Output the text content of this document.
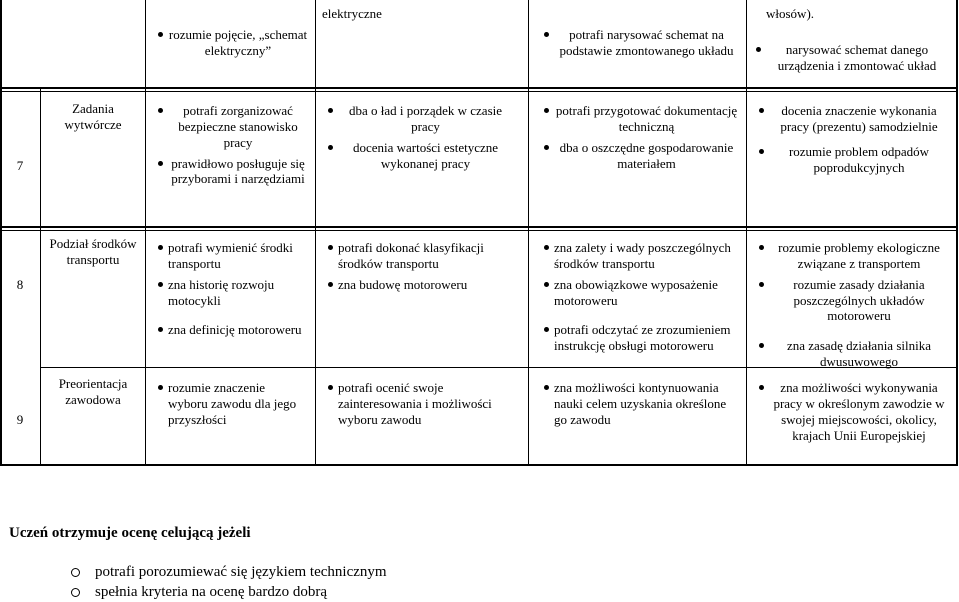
rozumie pojęcie, „schemat elektryczny”
elektryczne
potrafi narysować schemat na podstawie zmontowanego układu
włosów).
narysować schemat danego urządzenia i zmontować układ
7
Zadania wytwórcze
potrafi zorganizować bezpieczne stanowisko pracy
prawidłowo posługuje się przyborami i narzędziami
dba o ład i porządek w czasie pracy
docenia wartości estetyczne wykonanej pracy
potrafi przygotować dokumentację techniczną
dba o oszczędne gospodarowanie materiałem
docenia znaczenie wykonania pracy (prezentu) samodzielnie
rozumie problem odpadów poprodukcyjnych
8
Podział środków transportu
potrafi wymienić środki transportu
zna historię rozwoju motocykli
zna definicję motoroweru
potrafi dokonać klasyfikacji środków transportu
zna budowę motoroweru
zna zalety i wady poszczególnych środków transportu
zna obowiązkowe wyposażenie motoroweru
potrafi odczytać ze zrozumieniem instrukcję obsługi motoroweru
rozumie problemy ekologiczne związane z transportem
rozumie zasady działania poszczególnych układów motoroweru
zna zasadę działania silnika dwusuwowego
9
Preorientacja zawodowa
rozumie znaczenie wyboru zawodu dla jego przyszłości
potrafi ocenić swoje zainteresowania i możliwości wyboru zawodu
zna możliwości kontynuowania nauki celem uzyskania określone go zawodu
zna możliwości wykonywania pracy w określonym zawodzie w swojej miejscowości, okolicy, krajach Unii Europejskiej
Uczeń otrzymuje ocenę celującą jeżeli
potrafi porozumiewać się językiem technicznym
spełnia kryteria na ocenę bardzo dobrą
